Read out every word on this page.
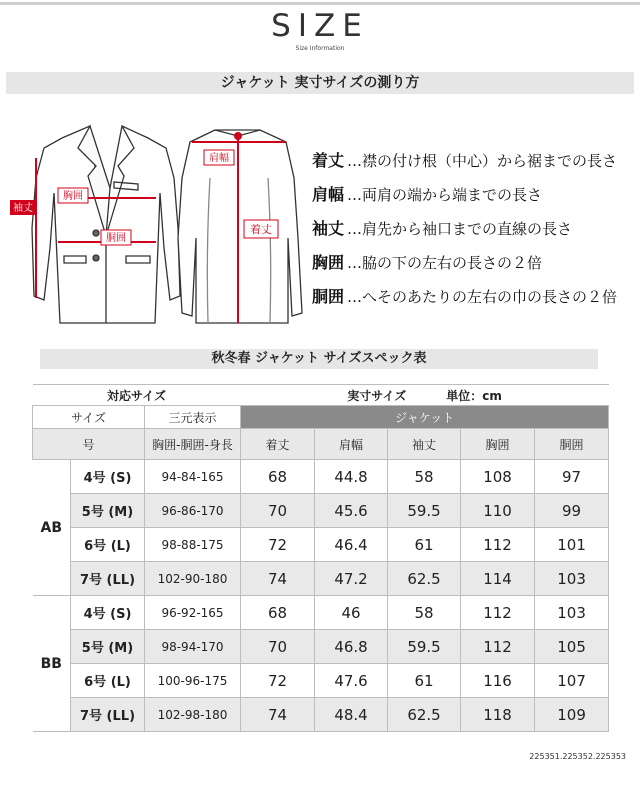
SIZE
Size Information
ジャケット 実寸サイズの測り方
袖丈
胸囲
胴囲
肩幅
着丈
着丈 …襟の付け根（中心）から裾までの長さ
肩幅 …両肩の端から端までの長さ
袖丈 …肩先から袖口までの直線の長さ
胸囲 …脇の下の左右の長さの２倍
胴囲 …へそのあたりの左右の巾の長さの２倍
秋冬春 ジャケット サイズスペック表
対応サイズ			実寸サイズ 単位：cm				
サイズ		三元表示	ジャケット				
号		胸囲-胴囲-身長	着丈	肩幅	袖丈	胸囲	胴囲
AB	4号 (S)	94-84-165	68	44.8	58	108	97
	5号 (M)	96-86-170	70	45.6	59.5	110	99
	6号 (L)	98-88-175	72	46.4	61	112	101
	7号 (LL)	102-90-180	74	47.2	62.5	114	103
BB	4号 (S)	96-92-165	68	46	58	112	103
	5号 (M)	98-94-170	70	46.8	59.5	112	105
	6号 (L)	100-96-175	72	47.6	61	116	107
	7号 (LL)	102-98-180	74	48.4	62.5	118	109
225351.225352.225353
